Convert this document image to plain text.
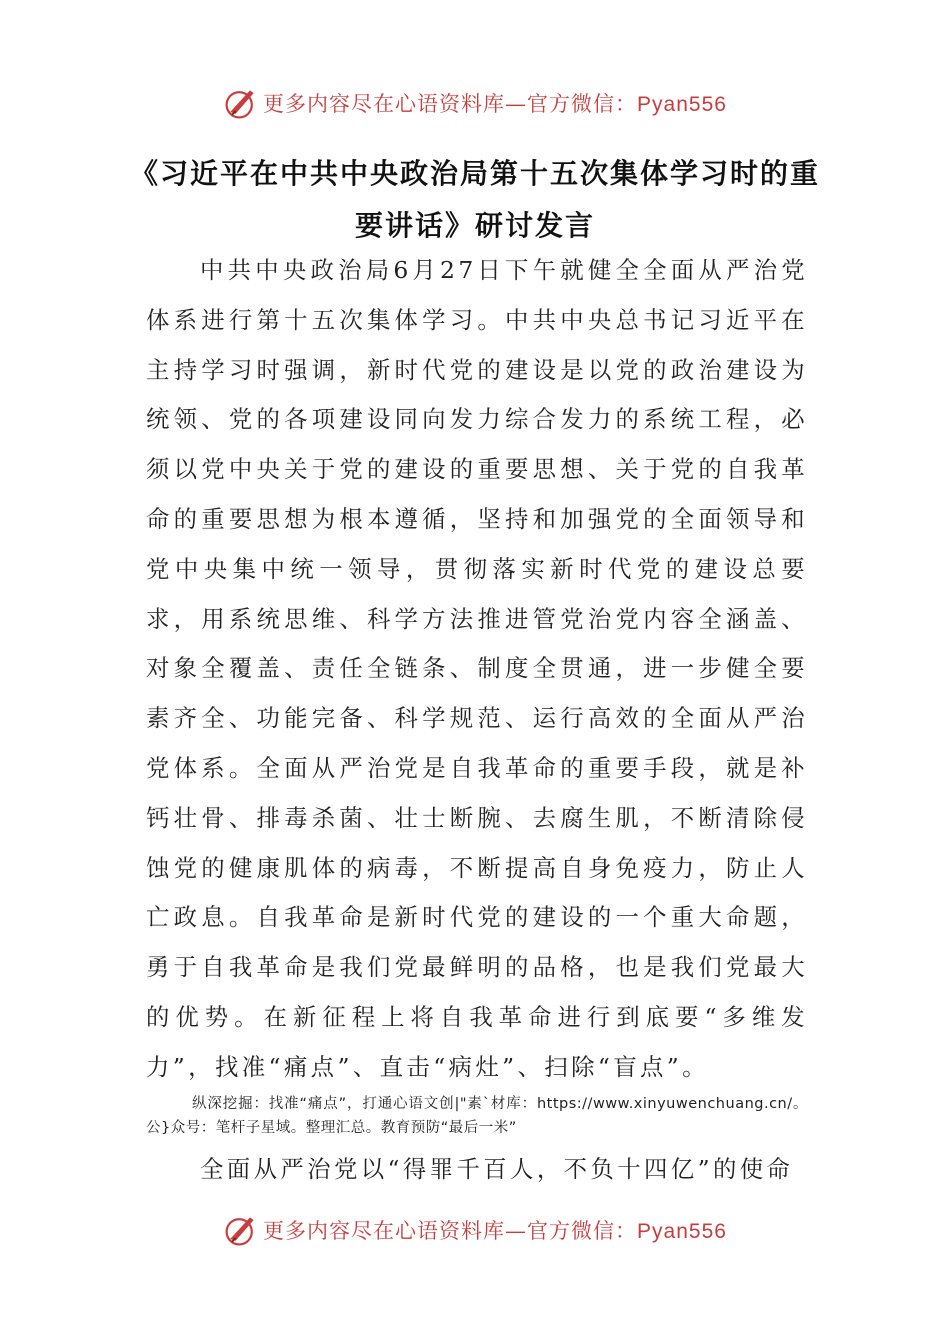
更多内容尽在心语资料库—官方微信：Pyan556
《习近平在中共中央政治局第十五次集体学习时的重要讲话》研讨发言
中共中央政治局6月27日下午就健全全面从严治党体系进行第十五次集体学习。中共中央总书记习近平在主持学习时强调，新时代党的建设是以党的政治建设为统领、党的各项建设同向发力综合发力的系统工程，必须以党中央关于党的建设的重要思想、关于党的自我革命的重要思想为根本遵循，坚持和加强党的全面领导和党中央集中统一领导，贯彻落实新时代党的建设总要求，用系统思维、科学方法推进管党治党内容全涵盖、对象全覆盖、责任全链条、制度全贯通，进一步健全要素齐全、功能完备、科学规范、运行高效的全面从严治党体系。全面从严治党是自我革命的重要手段，就是补钙壮骨、排毒杀菌、壮士断腕、去腐生肌，不断清除侵蚀党的健康肌体的病毒，不断提高自身免疫力，防止人亡政息。自我革命是新时代党的建设的一个重大命题，勇于自我革命是我们党最鲜明的品格，也是我们党最大的优势。在新征程上将自我革命进行到底要“多维发力”，找准“痛点”、直击“病灶”、扫除“盲点”。
纵深挖掘：找准“痛点”，打通心语文创|"素`材库：https://www.xinyuwenchuang.cn/。公}众号：笔杆子星域。整理汇总。教育预防“最后一米”
全面从严治党以“得罪千百人，不负十四亿”的使命
更多内容尽在心语资料库—官方微信：Pyan556
